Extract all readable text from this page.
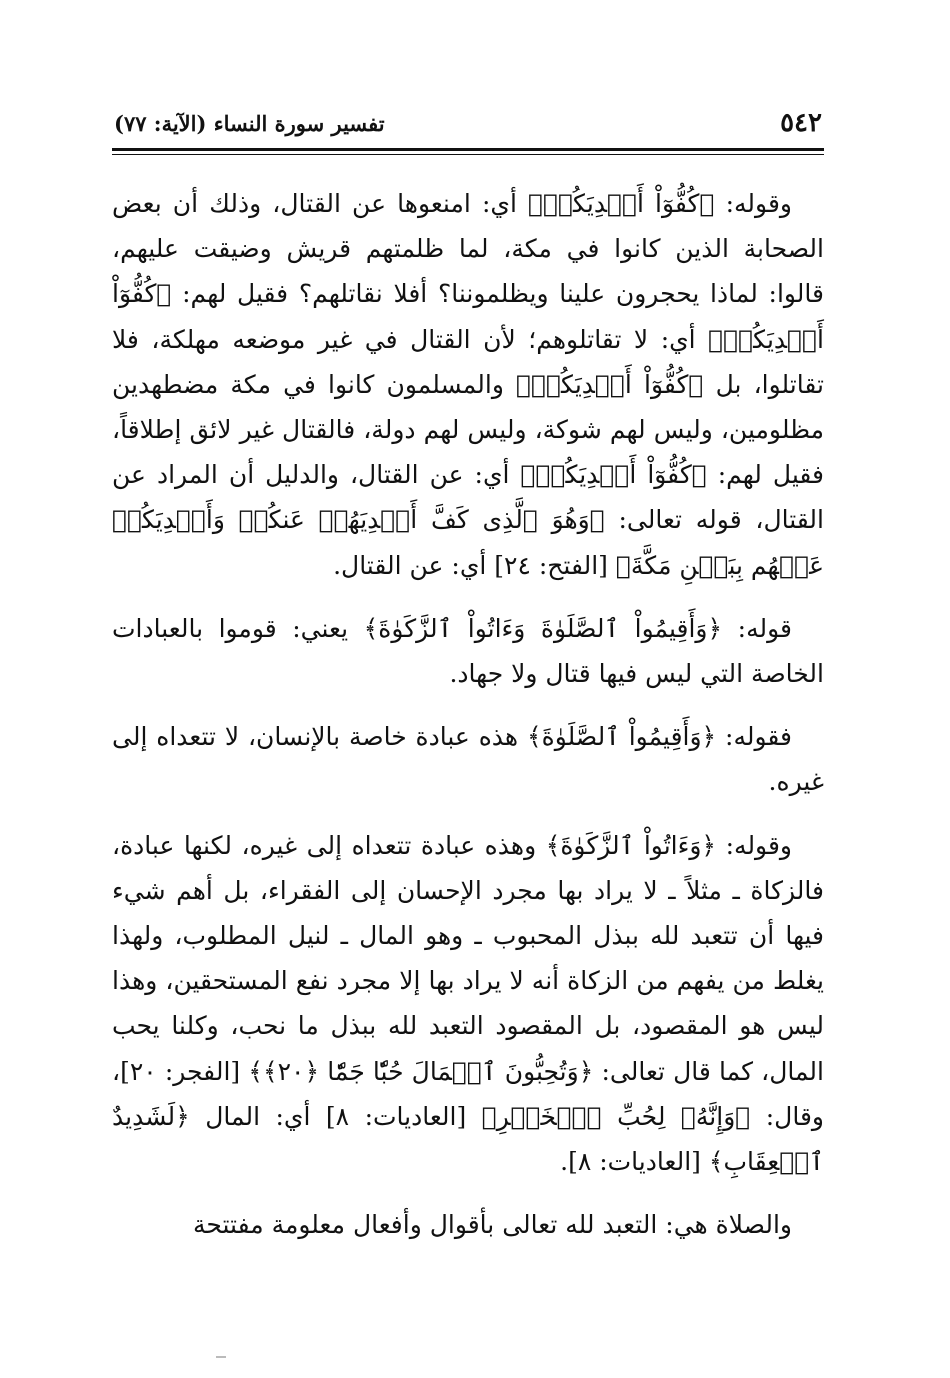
٥٤٢
تفسير سورة النساء (الآية: ٧٧)

وقوله: ﴿كُفُّوٓاْ أَيۡدِيَكُمۡ﴾ أي: امنعوها عن القتال، وذلك أن بعض الصحابة الذين كانوا في مكة، لما ظلمتهم قريش وضيقت عليهم، قالوا: لماذا يحجرون علينا ويظلموننا؟ أفلا نقاتلهم؟ فقيل لهم: ﴿كُفُّوٓاْ أَيۡدِيَكُمۡ﴾ أي: لا تقاتلوهم؛ لأن القتال في غير موضعه مهلكة، فلا تقاتلوا، بل ﴿كُفُّوٓاْ أَيۡدِيَكُمۡ﴾ والمسلمون كانوا في مكة مضطهدين مظلومين، وليس لهم شوكة، وليس لهم دولة، فالقتال غير لائق إطلاقاً، فقيل لهم: ﴿كُفُّوٓاْ أَيۡدِيَكُمۡ﴾ أي: عن القتال، والدليل أن المراد عن القتال، قوله تعالى: ﴿وَهُوَ ٱلَّذِى كَفَّ أَيۡدِيَهُمۡ عَنكُمۡ وَأَيۡدِيَكُمۡ عَنۡهُم بِبَطۡنِ مَكَّةَ﴾ [الفتح: ٢٤] أي: عن القتال.

قوله: ﴿وَأَقِيمُواْ ٱلصَّلَوٰةَ وَءَاتُواْ ٱلزَّكَوٰةَ﴾ يعني: قوموا بالعبادات الخاصة التي ليس فيها قتال ولا جهاد.

فقوله: ﴿وَأَقِيمُواْ ٱلصَّلَوٰةَ﴾ هذه عبادة خاصة بالإنسان، لا تتعداه إلى غيره.

وقوله: ﴿وَءَاتُواْ ٱلزَّكَوٰةَ﴾ وهذه عبادة تتعداه إلى غيره، لكنها عبادة، فالزكاة ـ مثلاً ـ لا يراد بها مجرد الإحسان إلى الفقراء، بل أهم شيء فيها أن تتعبد لله ببذل المحبوب ـ وهو المال ـ لنيل المطلوب، ولهذا يغلط من يفهم من الزكاة أنه لا يراد بها إلا مجرد نفع المستحقين، وهذا ليس هو المقصود، بل المقصود التعبد لله ببذل ما نحب، وكلنا يحب المال، كما قال تعالى: ﴿وَتُحِبُّونَ ٱلۡمَالَ حُبّٗا جَمّٗا ﴿٢٠﴾﴾ [الفجر: ٢٠]، وقال: ﴿وَإِنَّهُۥ لِحُبِّ ٱلۡخَيۡرِ﴾ [العاديات: ٨] أي: المال ﴿لَشَدِيدٌ ٱلۡعِقَابِ﴾ [العاديات: ٨].

والصلاة هي: التعبد لله تعالى بأقوال وأفعال معلومة مفتتحة
